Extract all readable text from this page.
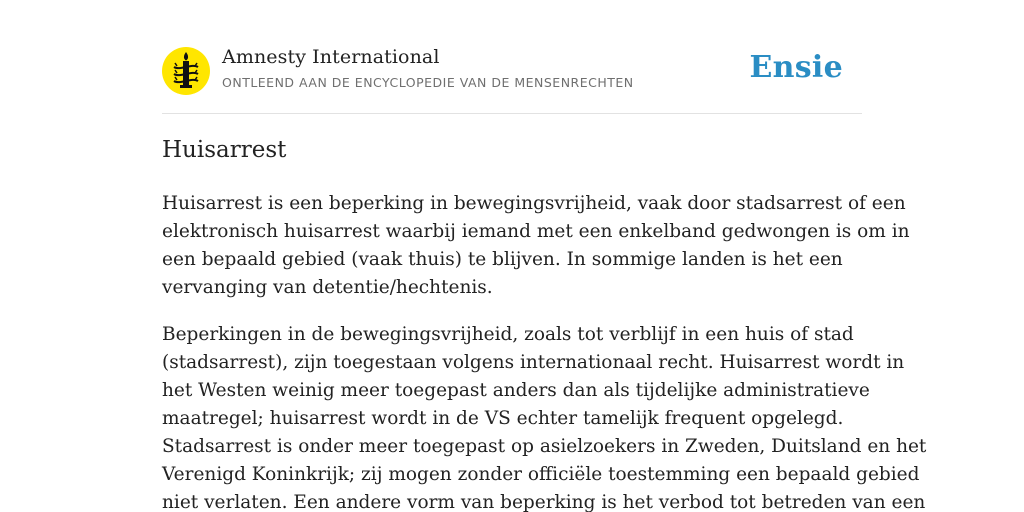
Amnesty International
ONTLEEND AAN DE ENCYCLOPEDIE VAN DE MENSENRECHTEN	Ensie
Huisarrest

Huisarrest is een beperking in bewegingsvrijheid, vaak door stadsarrest of een
elektronisch huisarrest waarbij iemand met een enkelband gedwongen is om in
een bepaald gebied (vaak thuis) te blijven. In sommige landen is het een
vervanging van detentie/hechtenis.

Beperkingen in de bewegingsvrijheid, zoals tot verblijf in een huis of stad
(stadsarrest), zijn toegestaan volgens internationaal recht. Huisarrest wordt in
het Westen weinig meer toegepast anders dan als tijdelijke administratieve
maatregel; huisarrest wordt in de VS echter tamelijk frequent opgelegd.
Stadsarrest is onder meer toegepast op asielzoekers in Zweden, Duitsland en het
Verenigd Koninkrijk; zij mogen zonder officiële toestemming een bepaald gebied
niet verlaten. Een andere vorm van beperking is het verbod tot betreden van een
